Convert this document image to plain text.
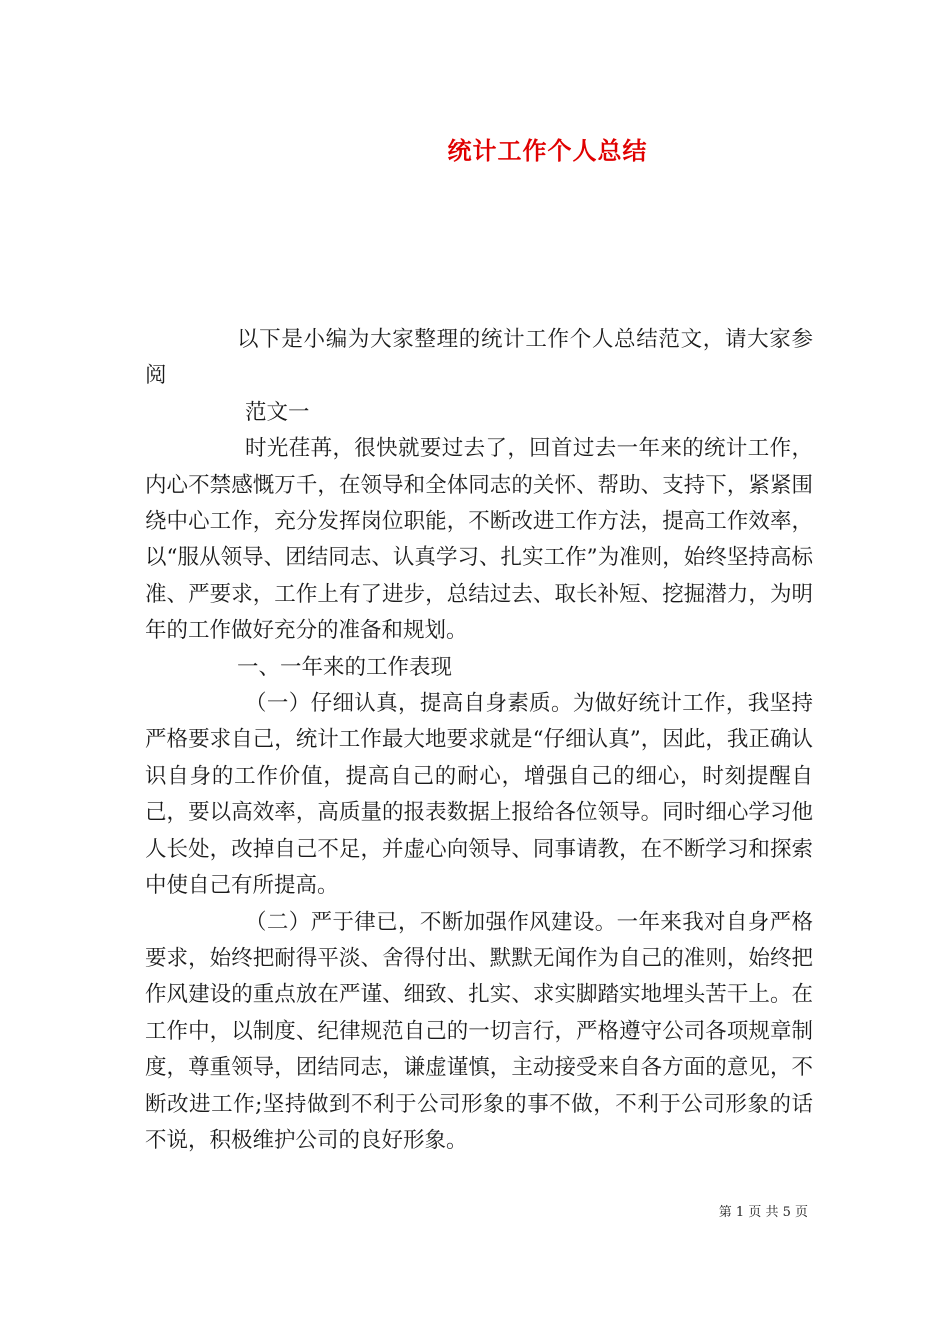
统计工作个人总结

以下是小编为大家整理的统计工作个人总结范文，请大家参阅

范文一

时光荏苒，很快就要过去了，回首过去一年来的统计工作，内心不禁感慨万千，在领导和全体同志的关怀、帮助、支持下，紧紧围绕中心工作，充分发挥岗位职能，不断改进工作方法，提高工作效率，以“服从领导、团结同志、认真学习、扎实工作”为准则，始终坚持高标准、严要求，工作上有了进步，总结过去、取长补短、挖掘潜力，为明年的工作做好充分的准备和规划。

一、一年来的工作表现

（一）仔细认真，提高自身素质。为做好统计工作，我坚持严格要求自己，统计工作最大地要求就是“仔细认真”，因此，我正确认识自身的工作价值，提高自己的耐心，增强自己的细心，时刻提醒自己，要以高效率，高质量的报表数据上报给各位领导。同时细心学习他人长处，改掉自己不足，并虚心向领导、同事请教，在不断学习和探索中使自己有所提高。

（二）严于律已，不断加强作风建设。一年来我对自身严格要求，始终把耐得平淡、舍得付出、默默无闻作为自己的准则，始终把作风建设的重点放在严谨、细致、扎实、求实脚踏实地埋头苦干上。在工作中，以制度、纪律规范自己的一切言行，严格遵守公司各项规章制度，尊重领导，团结同志，谦虚谨慎，主动接受来自各方面的意见，不断改进工作;坚持做到不利于公司形象的事不做，不利于公司形象的话不说，积极维护公司的良好形象。

第 1 页 共 5 页
